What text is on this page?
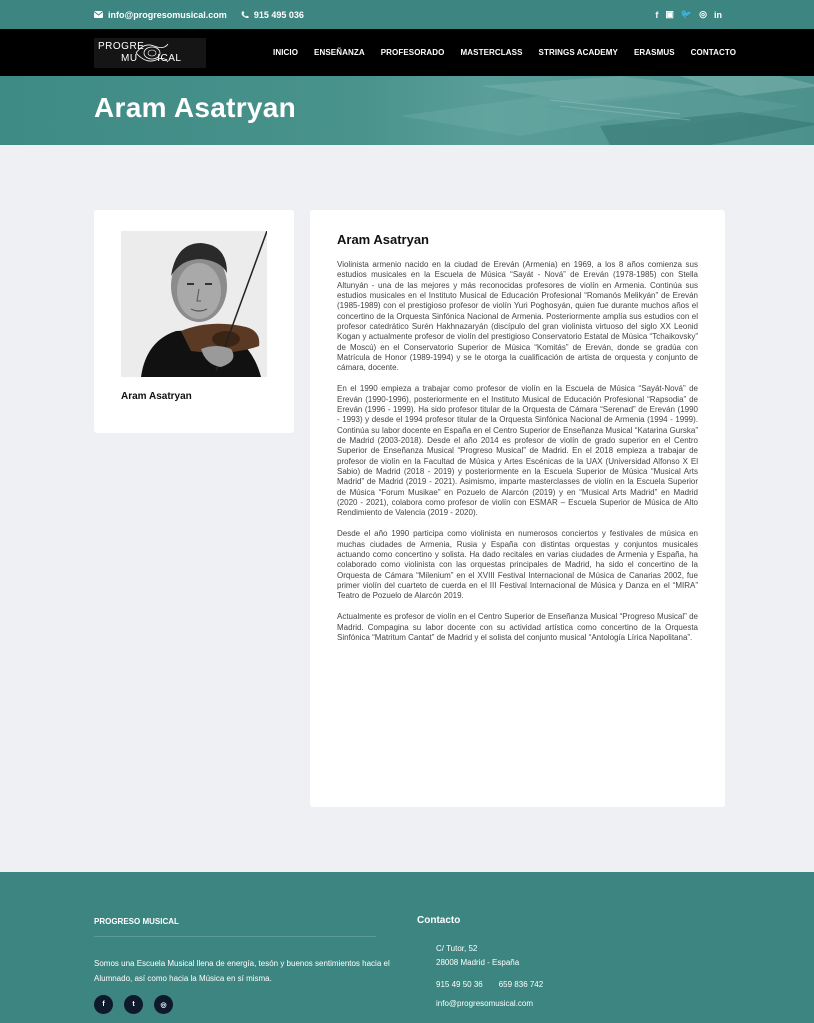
info@progresomusical.com	915 495 036	f ▣ 🐦 ◎ in
PROGRE
MU ICAL
INICIO ENSEÑANZA PROFESORADO MASTERCLASS STRINGS ACADEMY ERASMUS CONTACTO
Aram Asatryan
Aram Asatryan
Aram Asatryan

Violinista armenio nacido en la ciudad de Ereván (Armenia) en 1969, a los 8 años comienza sus estudios musicales en la Escuela de Música “Sayát - Nová” de Ereván (1978-1985) con Stella Altunyán - una de las mejores y más reconocidas profesores de violín en Armenia. Continúa sus estudios musicales en el Instituto Musical de Educación Profesional “Romanós Melikyán” de Ereván (1985-1989) con el prestigioso profesor de violín Yuri Poghosyán, quien fue durante muchos años el concertino de la Orquesta Sinfónica Nacional de Armenia. Posteriormente amplía sus estudios con el profesor catedrático Surén Hakhnazaryán (discípulo del gran violinista virtuoso del siglo XX Leonid Kogan y actualmente profesor de violín del prestigioso Conservatorio Estatal de Música “Tchaikovsky” de Moscú) en el Conservatorio Superior de Música “Komitás” de Ereván, donde se gradúa con Matrícula de Honor (1989-1994) y se le otorga la cualificación de artista de orquesta y conjunto de cámara, docente.

En el 1990 empieza a trabajar como profesor de violín en la Escuela de Música “Sayát-Nová” de Ereván (1990-1996), posteriormente en el Instituto Musical de Educación Profesional “Rapsodia” de Ereván (1996 - 1999). Ha sido profesor titular de la Orquesta de Cámara “Serenad” de Ereván (1990 - 1993) y desde el 1994 profesor titular de la Orquesta Sinfónica Nacional de Armenia (1994 - 1999). Continúa su labor docente en España en el Centro Superior de Enseñanza Musical “Katarina Gurska” de Madrid (2003-2018). Desde el año 2014 es profesor de violín de grado superior en el Centro Superior de Enseñanza Musical “Progreso Musical” de Madrid. En el 2018 empieza a trabajar de profesor de violín en la Facultad de Música y Artes Escénicas de la UAX (Universidad Alfonso X El Sabio) de Madrid (2018 - 2019) y posteriormente en la Escuela Superior de Música “Musical Arts Madrid” de Madrid (2019 - 2021). Asimismo, imparte masterclasses de violín en la Escuela Superior de Música “Forum Musikae” en Pozuelo de Alarcón (2019) y en “Musical Arts Madrid” en Madrid (2020 - 2021), colabora como profesor de violín con ESMAR – Escuela Superior de Música de Alto Rendimiento de Valencia (2019 - 2020).

Desde el año 1990 participa como violinista en numerosos conciertos y festivales de música en muchas ciudades de Armenia, Rusia y España con distintas orquestas y conjuntos musicales actuando como concertino y solista. Ha dado recitales en varias ciudades de Armenia y España, ha colaborado como violinista con las orquestas principales de Madrid, ha sido el concertino de la Orquesta de Cámara “Milenium” en el XVIII Festival Internacional de Música de Canarias 2002, fue primer violín del cuarteto de cuerda en el III Festival Internacional de Música y Danza en el “MIRA” Teatro de Pozuelo de Alarcón 2019.

Actualmente es profesor de violín en el Centro Superior de Enseñanza Musical “Progreso Musical” de Madrid. Compagina su labor docente con su actividad artística como concertino de la Orquesta Sinfónica “Matritum Cantat” de Madrid y el solista del conjunto musical “Antología Lírica Napolitana”.

PROGRESO MUSICAL
Somos una Escuela Musical llena de energía, tesón y buenos sentimientos hacia el Alumnado, así como hacia la Música en sí misma.
f	t	◎
Contacto
C/ Tutor, 52
28008 Madrid - España
915 49 50 36 659 836 742
info@progresomusical.com
